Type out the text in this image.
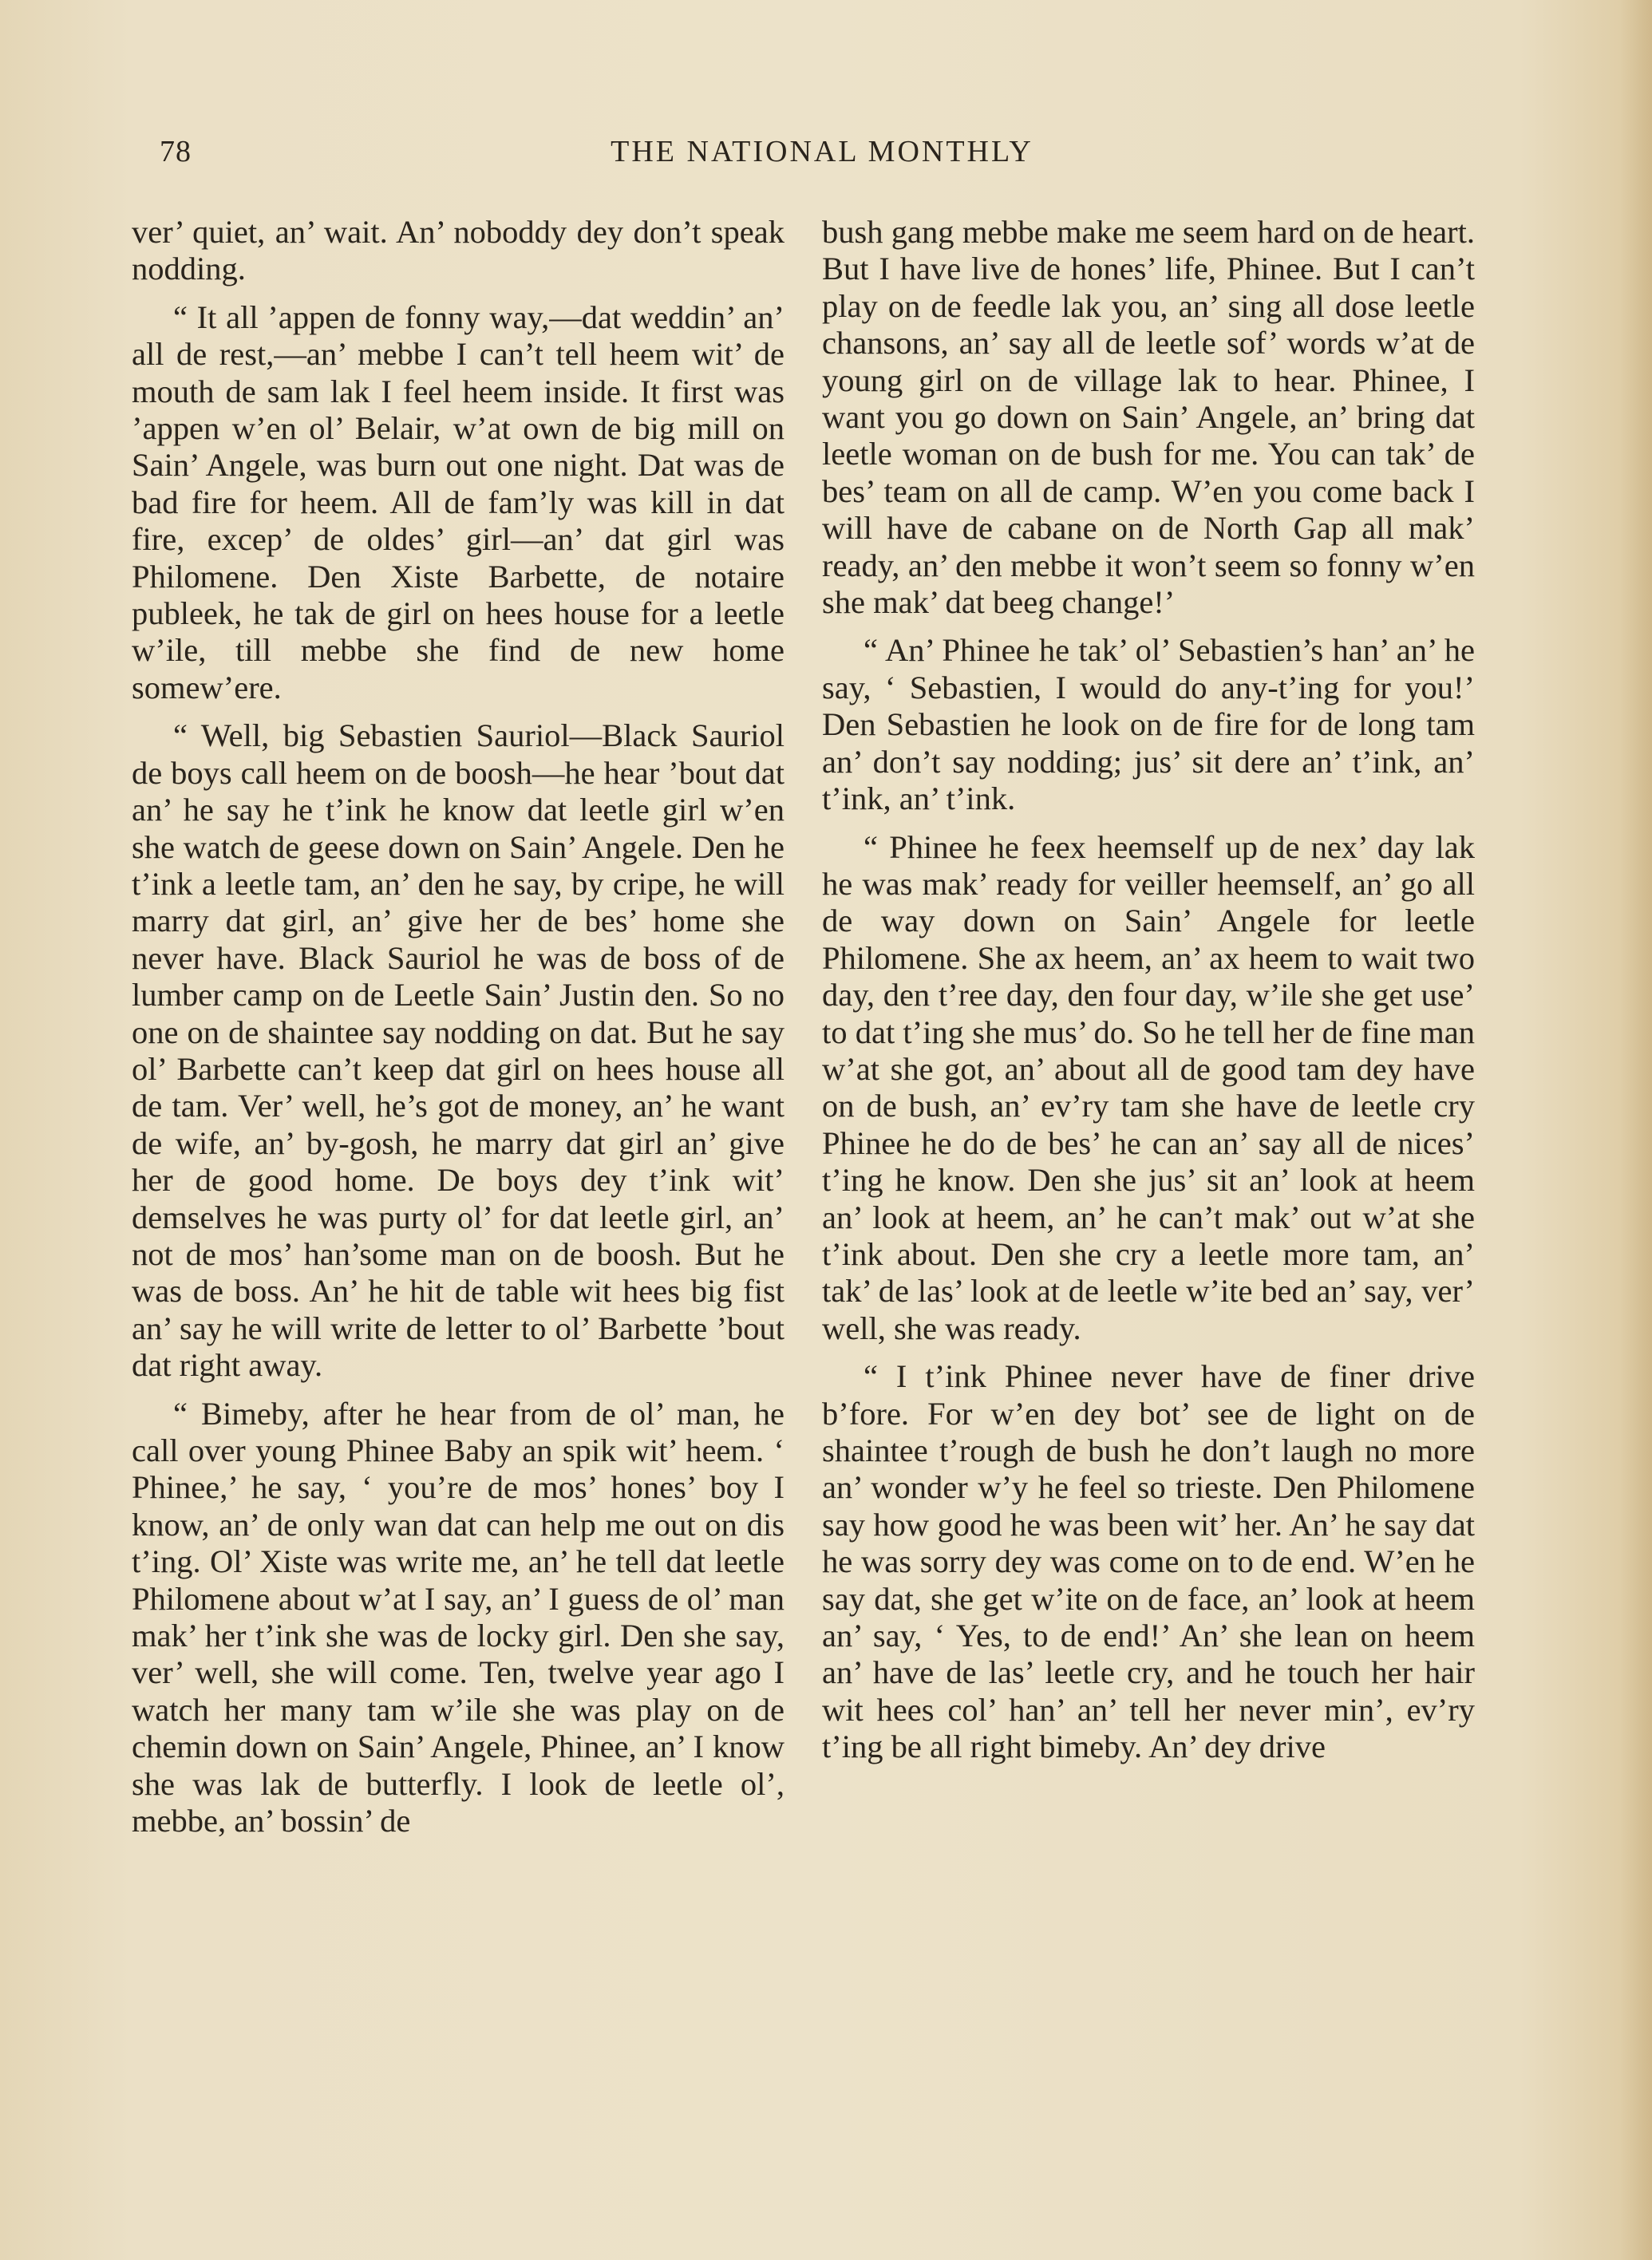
78	THE NATIONAL MONTHLY

ver’ quiet, an’ wait. An’ noboddy dey don’t speak nodding.

“ It all ’appen de fonny way,—dat weddin’ an’ all de rest,—an’ mebbe I can’t tell heem wit’ de mouth de sam lak I feel heem inside. It first was ’appen w’en ol’ Belair, w’at own de big mill on Sain’ Angele, was burn out one night. Dat was de bad fire for heem. All de fam’ly was kill in dat fire, excep’ de oldes’ girl—an’ dat girl was Philomene. Den Xiste Barbette, de notaire publeek, he tak de girl on hees house for a leetle w’ile, till mebbe she find de new home somew’ere.

“ Well, big Sebastien Sauriol—Black Sauriol de boys call heem on de boosh—he hear ’bout dat an’ he say he t’ink he know dat leetle girl w’en she watch de geese down on Sain’ Angele. Den he t’ink a leetle tam, an’ den he say, by cripe, he will marry dat girl, an’ give her de bes’ home she never have. Black Sauriol he was de boss of de lumber camp on de Leetle Sain’ Justin den. So no one on de shaintee say nodding on dat. But he say ol’ Barbette can’t keep dat girl on hees house all de tam. Ver’ well, he’s got de money, an’ he want de wife, an’ by-gosh, he marry dat girl an’ give her de good home. De boys dey t’ink wit’ demselves he was purty ol’ for dat leetle girl, an’ not de mos’ han’some man on de boosh. But he was de boss. An’ he hit de table wit hees big fist an’ say he will write de letter to ol’ Barbette ’bout dat right away.

“ Bimeby, after he hear from de ol’ man, he call over young Phinee Baby an spik wit’ heem. ‘ Phinee,’ he say, ‘ you’re de mos’ hones’ boy I know, an’ de only wan dat can help me out on dis t’ing. Ol’ Xiste was write me, an’ he tell dat leetle Philomene about w’at I say, an’ I guess de ol’ man mak’ her t’ink she was de locky girl. Den she say, ver’ well, she will come. Ten, twelve year ago I watch her many tam w’ile she was play on de chemin down on Sain’ Angele, Phinee, an’ I know she was lak de butterfly. I look de leetle ol’, mebbe, an’ bossin’ de

bush gang mebbe make me seem hard on de heart. But I have live de hones’ life, Phinee. But I can’t play on de feedle lak you, an’ sing all dose leetle chansons, an’ say all de leetle sof’ words w’at de young girl on de village lak to hear. Phinee, I want you go down on Sain’ Angele, an’ bring dat leetle woman on de bush for me. You can tak’ de bes’ team on all de camp. W’en you come back I will have de cabane on de North Gap all mak’ ready, an’ den mebbe it won’t seem so fonny w’en she mak’ dat beeg change!’

“ An’ Phinee he tak’ ol’ Sebastien’s han’ an’ he say, ‘ Sebastien, I would do any-t’ing for you!’ Den Sebastien he look on de fire for de long tam an’ don’t say nodding; jus’ sit dere an’ t’ink, an’ t’ink, an’ t’ink.

“ Phinee he feex heemself up de nex’ day lak he was mak’ ready for veiller heemself, an’ go all de way down on Sain’ Angele for leetle Philomene. She ax heem, an’ ax heem to wait two day, den t’ree day, den four day, w’ile she get use’ to dat t’ing she mus’ do. So he tell her de fine man w’at she got, an’ about all de good tam dey have on de bush, an’ ev’ry tam she have de leetle cry Phinee he do de bes’ he can an’ say all de nices’ t’ing he know. Den she jus’ sit an’ look at heem an’ look at heem, an’ he can’t mak’ out w’at she t’ink about. Den she cry a leetle more tam, an’ tak’ de las’ look at de leetle w’ite bed an’ say, ver’ well, she was ready.

“ I t’ink Phinee never have de finer drive b’fore. For w’en dey bot’ see de light on de shaintee t’rough de bush he don’t laugh no more an’ wonder w’y he feel so trieste. Den Philomene say how good he was been wit’ her. An’ he say dat he was sorry dey was come on to de end. W’en he say dat, she get w’ite on de face, an’ look at heem an’ say, ‘ Yes, to de end!’ An’ she lean on heem an’ have de las’ leetle cry, and he touch her hair wit hees col’ han’ an’ tell her never min’, ev’ry t’ing be all right bimeby. An’ dey drive
